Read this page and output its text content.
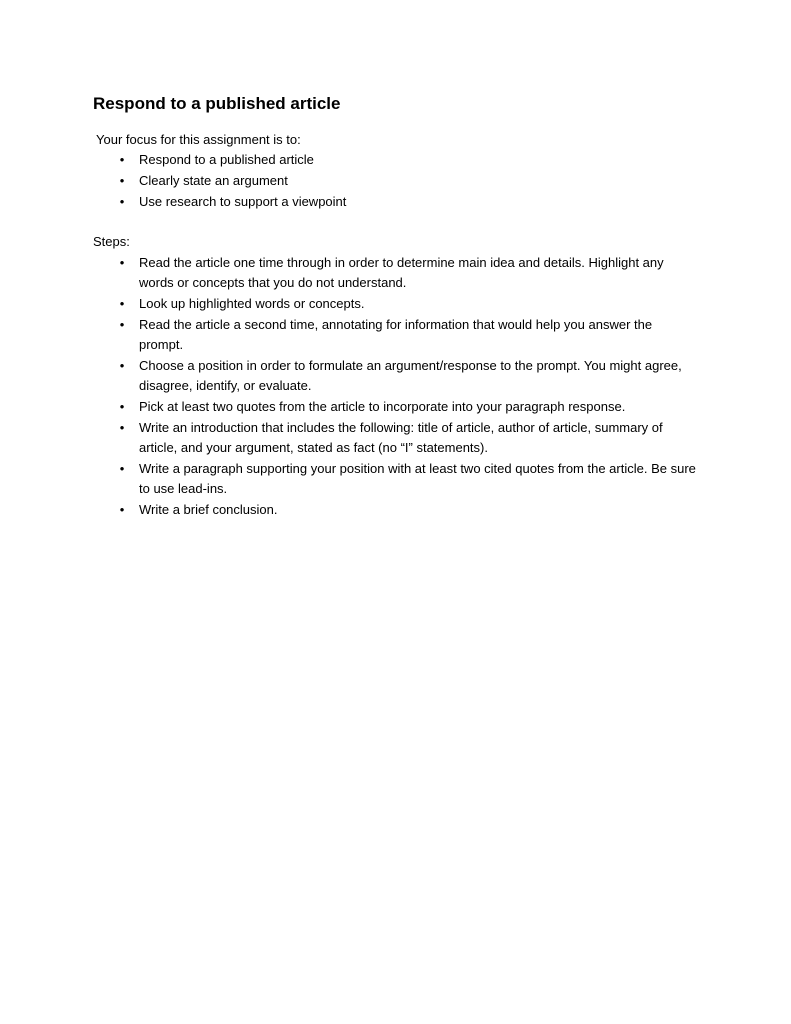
Respond to a published article

Your focus for this assignment is to:

• Respond to a published article
• Clearly state an argument
• Use research to support a viewpoint

Steps:

• Read the article one time through in order to determine main idea and details. Highlight any words or concepts that you do not understand.
• Look up highlighted words or concepts.
• Read the article a second time, annotating for information that would help you answer the prompt.
• Choose a position in order to formulate an argument/response to the prompt. You might agree, disagree, identify, or evaluate.
• Pick at least two quotes from the article to incorporate into your paragraph response.
• Write an introduction that includes the following: title of article, author of article, summary of article, and your argument, stated as fact (no “I” statements).
• Write a paragraph supporting your position with at least two cited quotes from the article. Be sure to use lead-ins.
• Write a brief conclusion.
